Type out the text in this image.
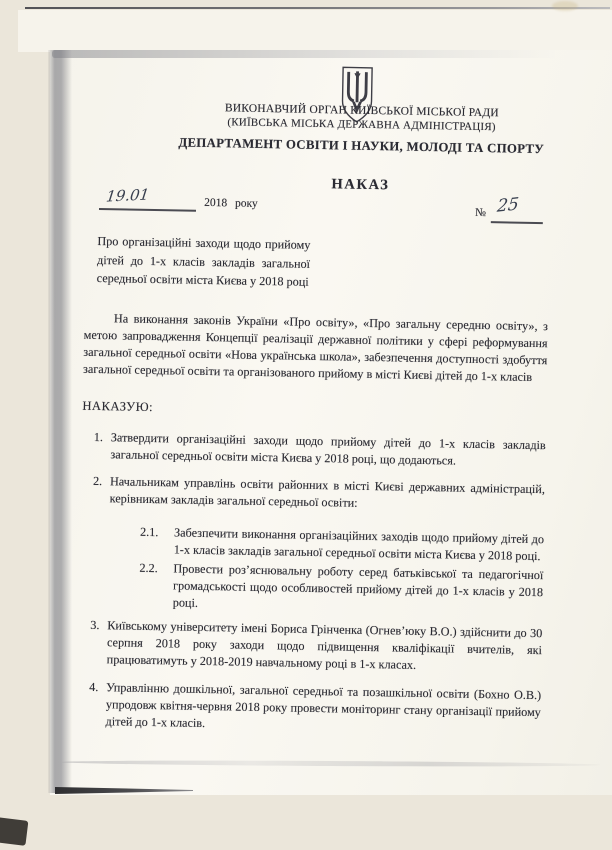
ВИКОНАВЧИЙ ОРГАН КИЇВСЬКОЇ МІСЬКОЇ РАДИ
(КИЇВСЬКА МІСЬКА ДЕРЖАВНА АДМІНІСТРАЦІЯ)
ДЕПАРТАМЕНТ ОСВІТИ І НАУКИ, МОЛОДІ ТА СПОРТУ
НАКАЗ
19.01	2018 року
№ 25
Про організаційні заходи щодо прийому дітей до 1-х класів закладів загальної середньої освіти міста Києва у 2018 році
На виконання законів України «Про освіту», «Про загальну середню освіту», з метою запровадження Концепції реалізації державної політики у сфері реформування загальної середньої освіти «Нова українська школа», забезпечення доступності здобуття загальної середньої освіти та організованого прийому в місті Києві дітей до 1-х класів
НАКАЗУЮ:
1. Затвердити організаційні заходи щодо прийому дітей до 1-х класів закладів загальної середньої освіти міста Києва у 2018 році, що додаються.
2. Начальникам управлінь освіти районних в місті Києві державних адміністрацій, керівникам закладів загальної середньої освіти:
2.1.	Забезпечити виконання організаційних заходів щодо прийому дітей до 1-х класів закладів загальної середньої освіти міста Києва у 2018 році.
2.2.	Провести роз’яснювальну роботу серед батьківської та педагогічної громадськості щодо особливостей прийому дітей до 1-х класів у 2018 році.
3. Київському університету імені Бориса Грінченка (Огнев’юку В.О.) здійснити до 30 серпня 2018 року заходи щодо підвищення кваліфікації вчителів, які працюватимуть у 2018-2019 навчальному році в 1-х класах.
4. Управлінню дошкільної, загальної середньої та позашкільної освіти (Бохно О.В.) упродовж квітня-червня 2018 року провести моніторинг стану організації прийому дітей до 1-х класів.
